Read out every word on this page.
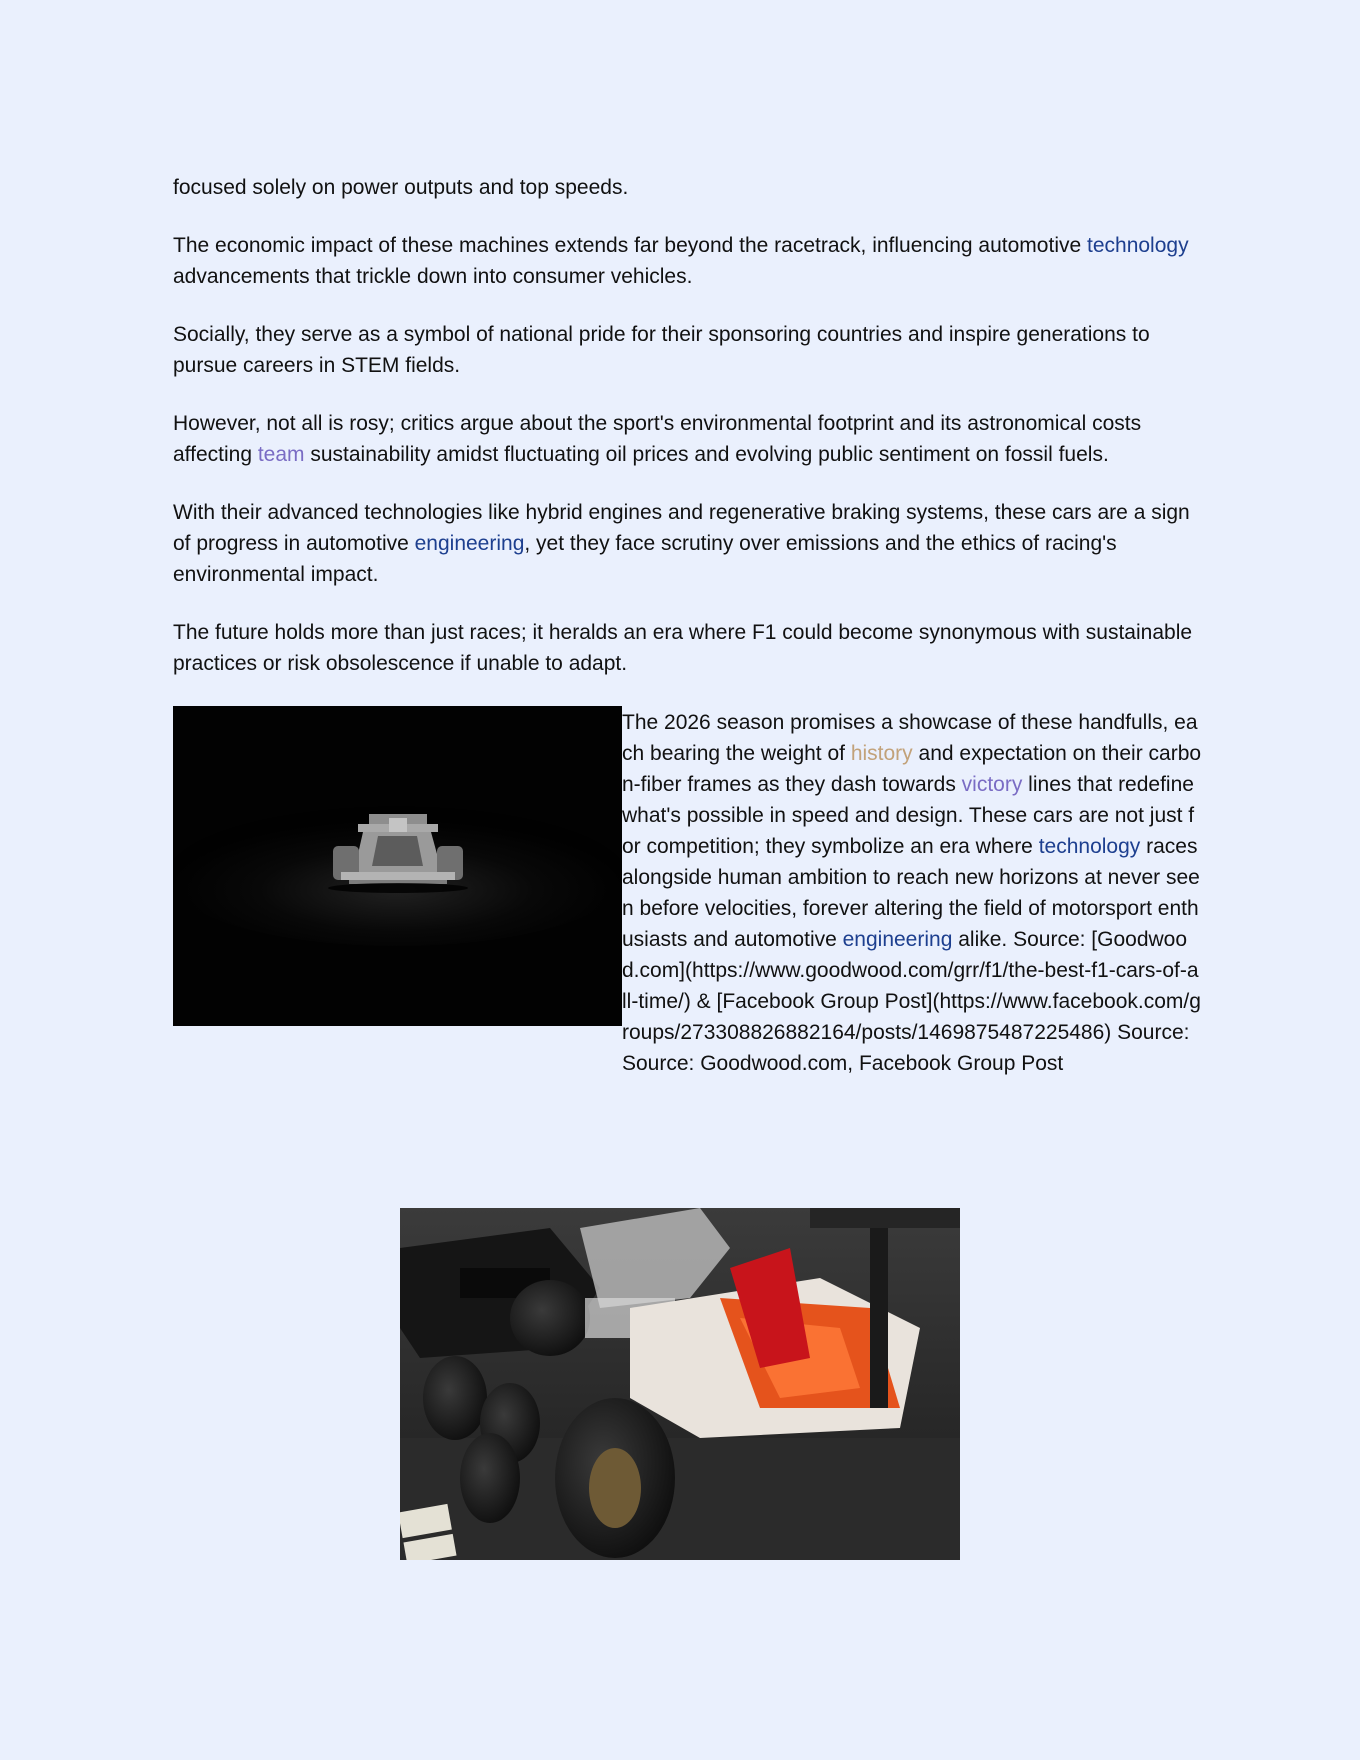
focused solely on power outputs and top speeds.

The economic impact of these machines extends far beyond the racetrack, influencing automotive technology advancements that trickle down into consumer vehicles.

Socially, they serve as a symbol of national pride for their sponsoring countries and inspire generations to pursue careers in STEM fields.

However, not all is rosy; critics argue about the sport's environmental footprint and its astronomical costs affecting team sustainability amidst fluctuating oil prices and evolving public sentiment on fossil fuels.

With their advanced technologies like hybrid engines and regenerative braking systems, these cars are a sign of progress in automotive engineering, yet they face scrutiny over emissions and the ethics of racing's environmental impact.

The future holds more than just races; it heralds an era where F1 could become synonymous with sustainable practices or risk obsolescence if unable to adapt.

The 2026 season promises a showcase of these handfulls, each bearing the weight of history and expectation on their carbon-fiber frames as they dash towards victory lines that redefine what's possible in speed and design. These cars are not just for competition; they symbolize an era where technology races alongside human ambition to reach new horizons at never seen before velocities, forever altering the field of motorsport enthusiasts and automotive engineering alike. Source: [Goodwood.com](https://www.goodwood.com/grr/f1/the-best-f1-cars-of-all-time/) & [Facebook Group Post](https://www.facebook.com/groups/273308826882164/posts/1469875487225486) Source: Source: Goodwood.com, Facebook Group Post
